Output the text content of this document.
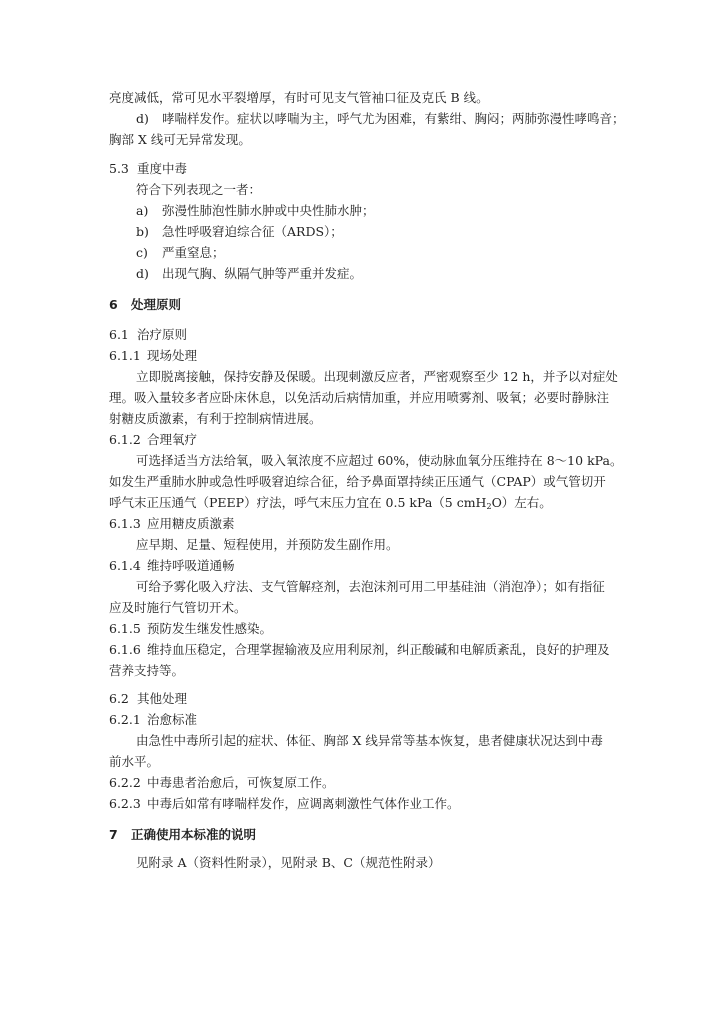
亮度减低，常可见水平裂增厚，有时可见支气管袖口征及克氏 B 线。
d) 哮喘样发作。症状以哮喘为主，呼气尤为困难，有紫绀、胸闷；两肺弥漫性哮鸣音；
胸部 X 线可无异常发现。
5.3 重度中毒
符合下列表现之一者：
a) 弥漫性肺泡性肺水肿或中央性肺水肿；
b) 急性呼吸窘迫综合征（ARDS）；
c) 严重窒息；
d) 出现气胸、纵隔气肿等严重并发症。
6 处理原则
6.1 治疗原则
6.1.1 现场处理
立即脱离接触，保持安静及保暖。出现刺激反应者，严密观察至少 12 h，并予以对症处
理。吸入量较多者应卧床休息，以免活动后病情加重，并应用喷雾剂、吸氧；必要时静脉注
射糖皮质激素，有利于控制病情进展。
6.1.2 合理氧疗
可选择适当方法给氧，吸入氧浓度不应超过 60%，使动脉血氧分压维持在 8～10 kPa。
如发生严重肺水肿或急性呼吸窘迫综合征，给予鼻面罩持续正压通气（CPAP）或气管切开
呼气末正压通气（PEEP）疗法，呼气末压力宜在 0.5 kPa（5 cmH$_2$O）左右。
6.1.3 应用糖皮质激素
应早期、足量、短程使用，并预防发生副作用。
6.1.4 维持呼吸道通畅
可给予雾化吸入疗法、支气管解痉剂，去泡沫剂可用二甲基硅油（消泡净）；如有指征
应及时施行气管切开术。
6.1.5 预防发生继发性感染。
6.1.6 维持血压稳定，合理掌握输液及应用利尿剂，纠正酸碱和电解质紊乱，良好的护理及
营养支持等。
6.2 其他处理
6.2.1 治愈标准
由急性中毒所引起的症状、体征、胸部 X 线异常等基本恢复，患者健康状况达到中毒
前水平。
6.2.2 中毒患者治愈后，可恢复原工作。
6.2.3 中毒后如常有哮喘样发作，应调离刺激性气体作业工作。
7 正确使用本标准的说明
见附录 A（资料性附录），见附录 B、C（规范性附录）
